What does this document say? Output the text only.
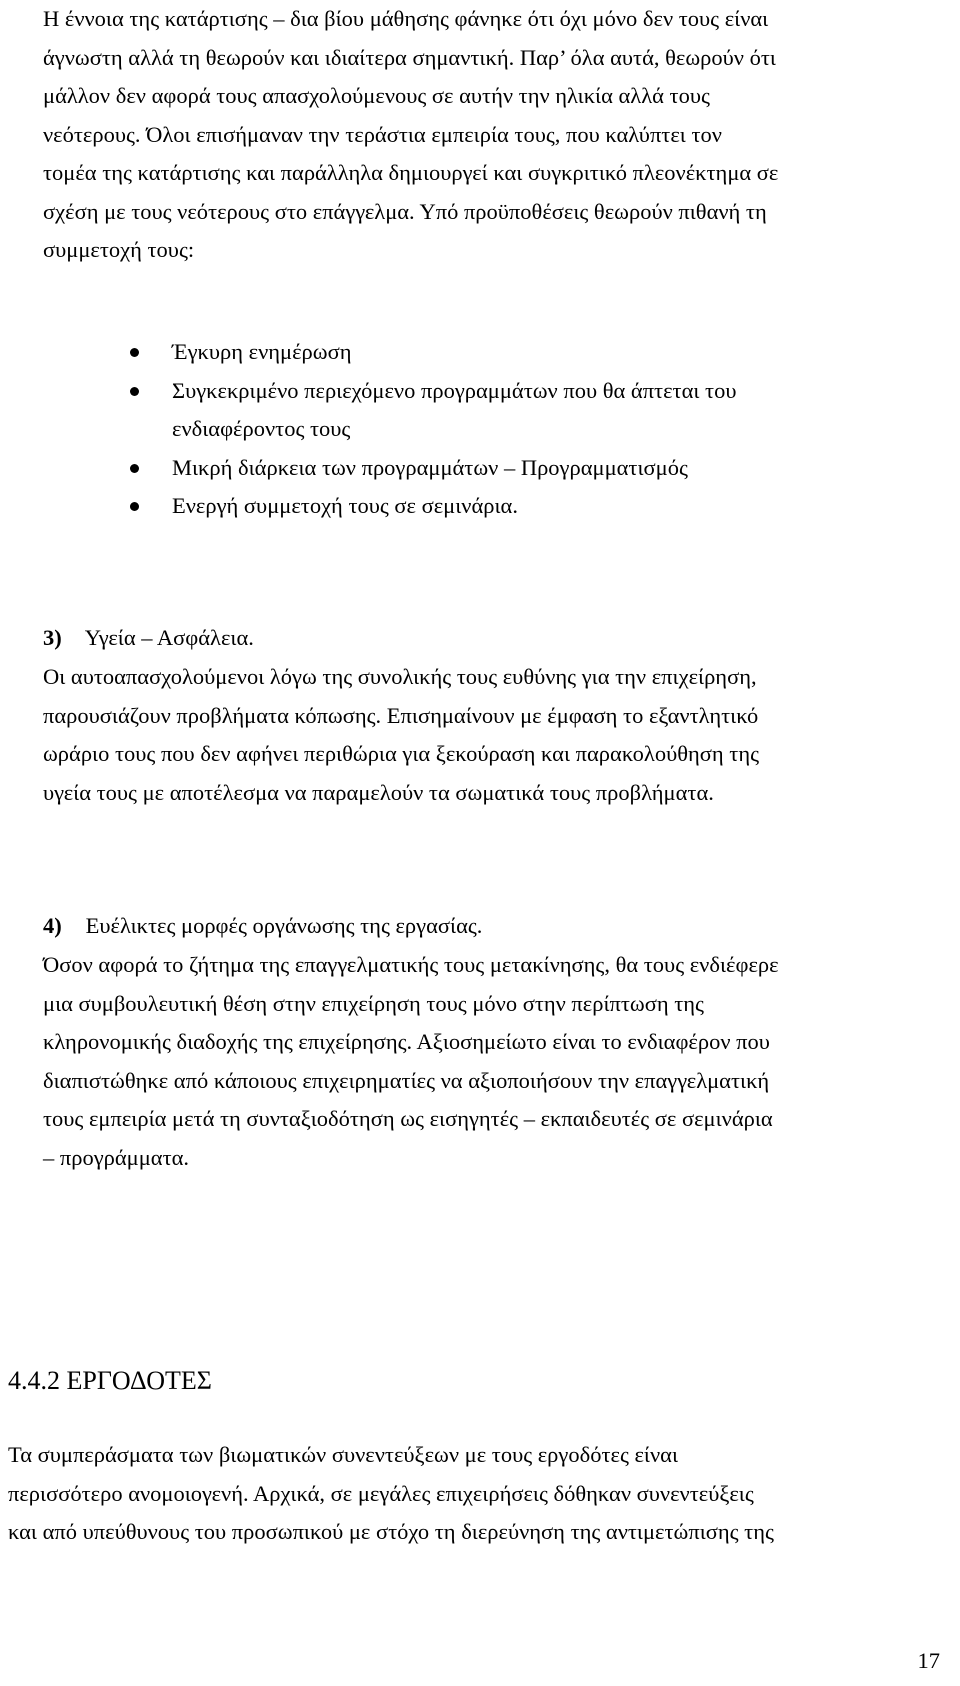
Η έννοια της κατάρτισης – δια βίου μάθησης φάνηκε ότι όχι μόνο δεν τους είναι
άγνωστη αλλά τη θεωρούν και ιδιαίτερα σημαντική. Παρ’ όλα αυτά, θεωρούν ότι
μάλλον δεν αφορά τους απασχολούμενους σε αυτήν την ηλικία αλλά τους
νεότερους. Όλοι επισήμαναν την τεράστια εμπειρία τους, που καλύπτει τον
τομέα της κατάρτισης και παράλληλα δημιουργεί και συγκριτικό πλεονέκτημα σε
σχέση με τους νεότερους στο επάγγελμα. Υπό προϋποθέσεις θεωρούν πιθανή τη
συμμετοχή τους:

Έγκυρη ενημέρωση
Συγκεκριμένο περιεχόμενο προγραμμάτων που θα άπτεται του
ενδιαφέροντος τους
Μικρή διάρκεια των προγραμμάτων – Προγραμματισμός
Ενεργή συμμετοχή τους σε σεμινάρια.
3) Υγεία – Ασφάλεια.

Οι αυτοαπασχολούμενοι λόγω της συνολικής τους ευθύνης για την επιχείρηση,
παρουσιάζουν προβλήματα κόπωσης. Επισημαίνουν με έμφαση το εξαντλητικό
ωράριο τους που δεν αφήνει περιθώρια για ξεκούραση και παρακολούθηση της
υγεία τους με αποτέλεσμα να παραμελούν τα σωματικά τους προβλήματα.

4) Ευέλικτες μορφές οργάνωσης της εργασίας.

Όσον αφορά το ζήτημα της επαγγελματικής τους μετακίνησης, θα τους ενδιέφερε
μια συμβουλευτική θέση στην επιχείρηση τους μόνο στην περίπτωση της
κληρονομικής διαδοχής της επιχείρησης. Αξιοσημείωτο είναι το ενδιαφέρον που
διαπιστώθηκε από κάποιους επιχειρηματίες να αξιοποιήσουν την επαγγελματική
τους εμπειρία μετά τη συνταξιοδότηση ως εισηγητές – εκπαιδευτές σε σεμινάρια
– προγράμματα.

4.4.2 ΕΡΓΟΔΟΤΕΣ

Τα συμπεράσματα των βιωματικών συνεντεύξεων με τους εργοδότες είναι
περισσότερο ανομοιογενή. Αρχικά, σε μεγάλες επιχειρήσεις δόθηκαν συνεντεύξεις
και από υπεύθυνους του προσωπικού με στόχο τη διερεύνηση της αντιμετώπισης της

17
